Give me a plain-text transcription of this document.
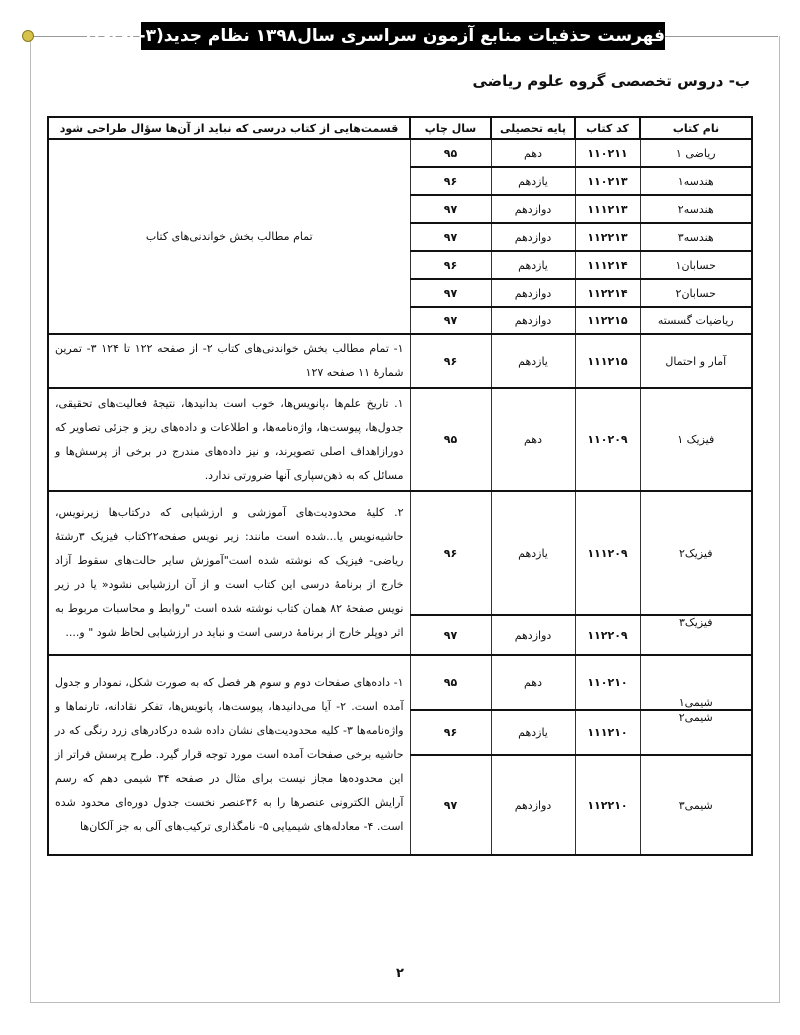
فهرست حذفیات منابع آزمون سراسری سال۱۳۹۸ نظام جدید(۳-۳-۳-۳)
ب- دروس تخصصی گروه علوم ریاضی
نام کتاب	کد کتاب	پایه تحصیلی	سال چاپ	قسمت‌هایی از کتاب درسی که نباید از آن‌ها سؤال طراحی شود
ریاضی ۱	۱۱۰۲۱۱	دهم	۹۵	تمام مطالب بخش خواندنی‌های کتاب
هندسه۱	۱۱۰۲۱۳	یازدهم	۹۶	
هندسه۲	۱۱۱۲۱۳	دوازدهم	۹۷	
هندسه۳	۱۱۲۲۱۳	دوازدهم	۹۷	
حسابان۱	۱۱۱۲۱۴	یازدهم	۹۶	
حسابان۲	۱۱۲۲۱۴	دوازدهم	۹۷	
ریاضیات گسسته	۱۱۲۲۱۵	دوازدهم	۹۷	
آمار و احتمال	۱۱۱۲۱۵	یازدهم	۹۶	۱- تمام مطالب بخش خواندنی‌های کتاب ۲- از صفحه ۱۲۲ تا ۱۲۴ ۳- تمرین شمارهٔ ۱۱ صفحه ۱۲۷
فیزیک ۱	۱۱۰۲۰۹	دهم	۹۵	۱. تاریخ علم‌ها ،پانویس‌ها، خوب است بدانیدها، نتیجهٔ فعالیت‌های تحقیقی، جدول‌ها، پیوست‌ها، واژه‌نامه‌ها، و اطلاعات و داده‌های ریز و جزئی تصاویر که دورازاهداف اصلی تصویرند، و نیز داده‌های مندرج در برخی از پرسش‌ها و مسائل که به ذهن‌سپاری آنها ضرورتی ندارد.
فیزیک۲	۱۱۱۲۰۹	یازدهم	۹۶	۲. کلیهٔ محدودیت‌های آموزشی و ارزشیابی که درکتاب‌ها زیرنویس، حاشیه‌نویس یا...شده است مانند: زیر نویس صفحه۲۲کتاب فیزیک ۳رشتهٔ ریاضی- فیزیک که نوشته شده است"آموزش سایر حالت‌های سقوط آزاد خارج از برنامهٔ درسی این کتاب است و از آن ارزشیابی نشود« یا در زیر نویس صفحهٔ ۸۲ همان کتاب نوشته شده است "روابط و محاسبات مربوط به اثر دوپلر خارج از برنامهٔ درسی است و نباید در ارزشیابی لحاظ شود " و....
فیزیک۳	۱۱۲۲۰۹	دوازدهم	۹۷	
شیمی۱	۱۱۰۲۱۰	دهم	۹۵	۱- داده‌های صفحات دوم و سوم هر فصل که به صورت شکل، نمودار و جدول آمده است. ۲- آیا می‌دانیدها، پیوست‌ها، پانویس‌ها، تفکر نقادانه، تارنماها و واژه‌نامه‌ها ۳- کلیه محدودیت‌های نشان داده شده درکادرهای زرد رنگی که در حاشیه برخی صفحات آمده است مورد توجه قرار گیرد. طرح پرسش فراتر از این محدوده‌ها مجاز نیست برای مثال در صفحه ۳۴ شیمی دهم که رسم آرایش الکترونی عنصرها را به ۳۶عنصر نخست جدول دوره‌ای محدود شده است. ۴- معادله‌های شیمیایی ۵- نامگذاری ترکیب‌های آلی به جز آلکان‌ها
شیمی۲	۱۱۱۲۱۰	یازدهم	۹۶	
شیمی۳	۱۱۲۲۱۰	دوازدهم	۹۷	
۲
